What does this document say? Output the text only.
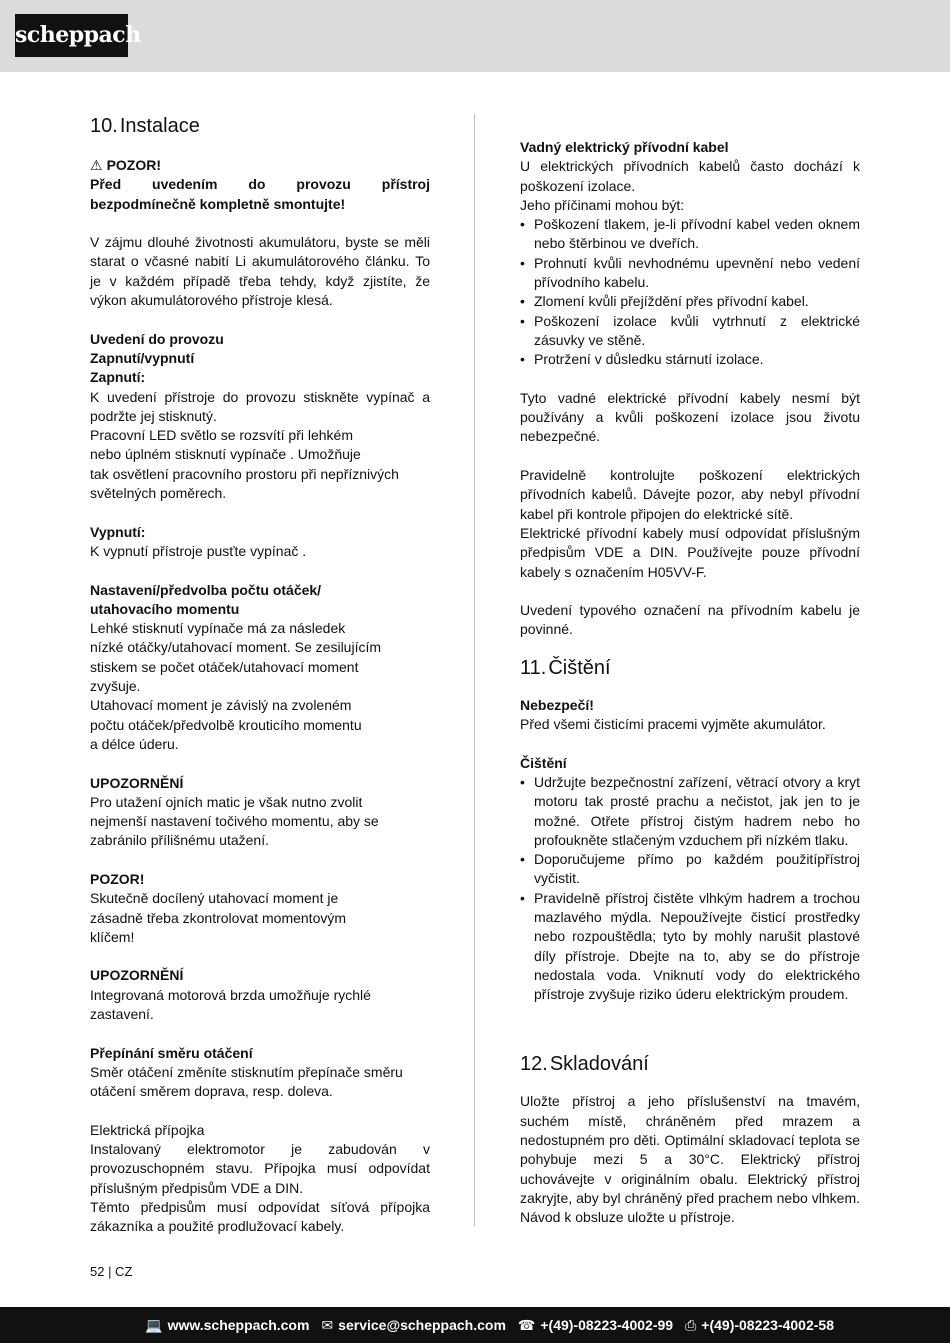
scheppach
10. Instalace

⚠ POZOR!

Před uvedením do provozu přístroj bezpodmínečně kompletně smontujte!

V zájmu dlouhé životnosti akumulátoru, byste se měli starat o včasné nabití Li akumulátorového článku. To je v každém případě třeba tehdy, když zjistíte, že výkon akumulátorového přístroje klesá.

Uvedení do provozu

Zapnutí/vypnutí

Zapnutí:

K uvedení přístroje do provozu stiskněte vypínač a podržte jej stisknutý.

Pracovní LED světlo se rozsvítí při lehkém

nebo úplném stisknutí vypínače . Umožňuje

tak osvětlení pracovního prostoru při nepříznivých

světelných poměrech.

Vypnutí:

K vypnutí přístroje pusťte vypínač .

Nastavení/předvolba počtu otáček/

utahovacího momentu

Lehké stisknutí vypínače má za následek

nízké otáčky/utahovací moment. Se zesilujícím

stiskem se počet otáček/utahovací moment

zvyšuje.

Utahovací moment je závislý na zvoleném

počtu otáček/předvolbě krouticího momentu

a délce úderu.

UPOZORNĚNÍ

Pro utažení ojních matic je však nutno zvolit

nejmenší nastavení točivého momentu, aby se

zabránilo přílišnému utažení.

POZOR!

Skutečně docílený utahovací moment je

zásadně třeba zkontrolovat momentovým

klíčem!

UPOZORNĚNÍ

Integrovaná motorová brzda umožňuje rychlé

zastavení.

Přepínání směru otáčení

Směr otáčení změníte stisknutím přepínače směru otáčení směrem doprava, resp. doleva.

Elektrická přípojka

Instalovaný elektromotor je zabudován v provozuschopném stavu. Přípojka musí odpovídat příslušným předpisům VDE a DIN.

Těmto předpisům musí odpovídat síťová přípojka zákazníka a použité prodlužovací kabely.

Vadný elektrický přívodní kabel

U elektrických přívodních kabelů často dochází k poškození izolace.

Jeho příčinami mohou být:

• Poškození tlakem, je-li přívodní kabel veden oknem nebo štěrbinou ve dveřích.
• Prohnutí kvůli nevhodnému upevnění nebo vedení přívodního kabelu.
• Zlomení kvůli přejíždění přes přívodní kabel.
• Poškození izolace kvůli vytrhnutí z elektrické zásuvky ve stěně.
• Protržení v důsledku stárnutí izolace.

Tyto vadné elektrické přívodní kabely nesmí být používány a kvůli poškození izolace jsou životu nebezpečné.

Pravidelně kontrolujte poškození elektrických přívodních kabelů. Dávejte pozor, aby nebyl přívodní kabel při kontrole připojen do elektrické sítě.

Elektrické přívodní kabely musí odpovídat příslušným předpisům VDE a DIN. Používejte pouze přívodní kabely s označením H05VV-F.

Uvedení typového označení na přívodním kabelu je povinné.

11. Čištění

Nebezpečí!

Před všemi čisticími pracemi vyjměte akumulátor.

Čištění

• Udržujte bezpečnostní zařízení, větrací otvory a kryt motoru tak prosté prachu a nečistot, jak jen to je možné. Otřete přístroj čistým hadrem nebo ho profoukněte stlačeným vzduchem při nízkém tlaku.
• Doporučujeme přímo po každém použitípřístroj vyčistit.
• Pravidelně přístroj čistěte vlhkým hadrem a trochou mazlavého mýdla. Nepoužívejte čisticí prostředky nebo rozpouštědla; tyto by mohly narušit plastové díly přístroje. Dbejte na to, aby se do přístroje nedostala voda. Vniknutí vody do elektrického přístroje zvyšuje riziko úderu elektrickým proudem.
12. Skladování

Uložte přístroj a jeho příslušenství na tmavém, suchém místě, chráněném před mrazem a nedostupném pro děti. Optimální skladovací teplota se pohybuje mezi 5 a 30°C. Elektrický přístroj uchovávejte v originálním obalu. Elektrický přístroj zakryjte, aby byl chráněný před prachem nebo vlhkem. Návod k obsluze uložte u přístroje.

52 | CZ
💻 www.scheppach.com ✉ service@scheppach.com ☎ +(49)-08223-4002-99 ⎙ +(49)-08223-4002-58
